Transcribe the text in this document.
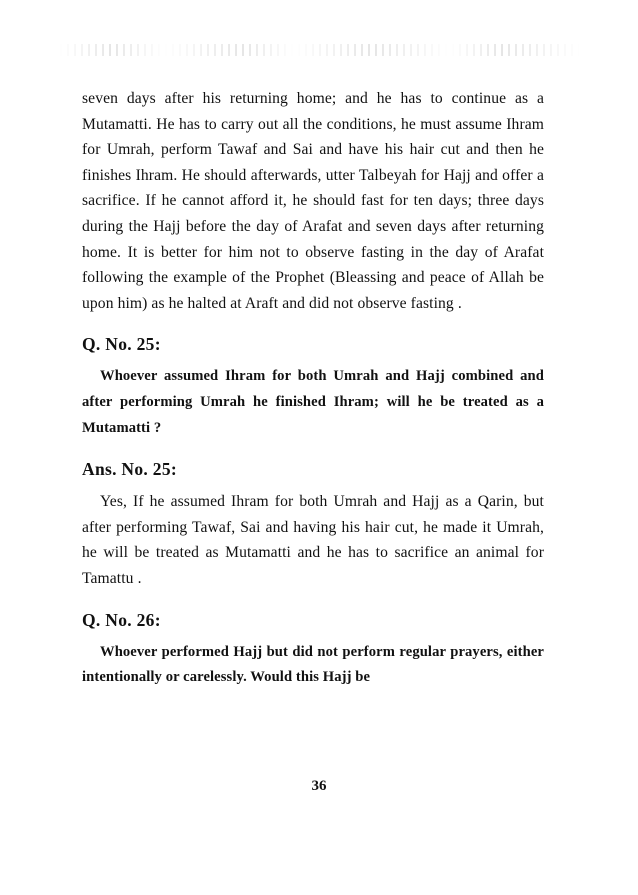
seven days after his returning home; and he has to continue as a Mutamatti. He has to carry out all the conditions, he must assume Ihram for Umrah, perform Tawaf and Sai and have his hair cut and then he finishes Ihram. He should afterwards, utter Talbeyah for Hajj and offer a sacrifice. If he cannot afford it, he should fast for ten days; three days during the Hajj before the day of Arafat and seven days after returning home. It is better for him not to observe fasting in the day of Arafat following the example of the Prophet (Bleassing and peace of Allah be upon him) as he halted at Araft and did not observe fasting .

Q. No. 25:

Whoever assumed Ihram for both Umrah and Hajj combined and after performing Umrah he finished Ihram; will he be treated as a Mutamatti ?

Ans. No. 25:

Yes, If he assumed Ihram for both Umrah and Hajj as a Qarin, but after performing Tawaf, Sai and having his hair cut, he made it Umrah, he will be treated as Mutamatti and he has to sacrifice an animal for Tamattu .

Q. No. 26:

Whoever performed Hajj but did not perform regular prayers, either intentionally or carelessly. Would this Hajj be

36
